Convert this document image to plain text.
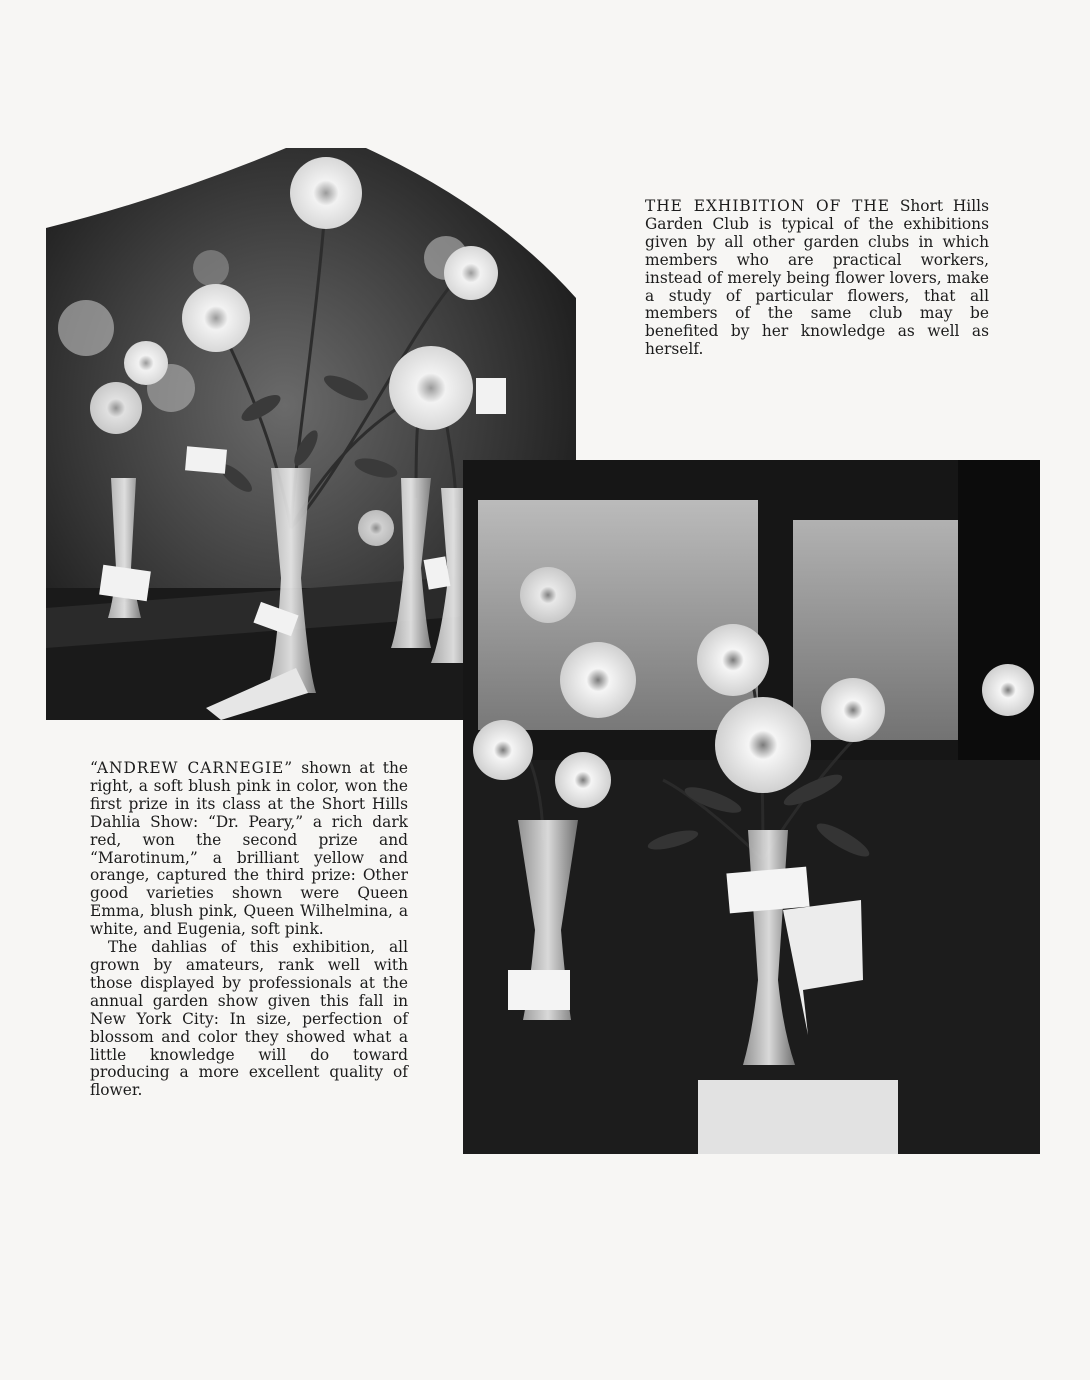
THE EXHIBITION OF THE Short Hills Garden Club is typical of the exhibitions given by all other garden clubs in which members who are practical workers, instead of merely being flower lovers, make a study of particular flowers, that all members of the same club may be benefited by her knowledge as well as herself.

“ANDREW CARNEGIE” shown at the right, a soft blush pink in color, won the first prize in its class at the Short Hills Dahlia Show: “Dr. Peary,” a rich dark red, won the second prize and “Marotinum,” a brilliant yellow and orange, captured the third prize: Other good varieties shown were Queen Emma, blush pink, Queen Wilhelmina, a white, and Eugenia, soft pink.

The dahlias of this exhibition, all grown by amateurs, rank well with those displayed by professionals at the annual garden show given this fall in New York City: In size, perfection of blossom and color they showed what a little knowledge will do toward producing a more excellent quality of flower.
